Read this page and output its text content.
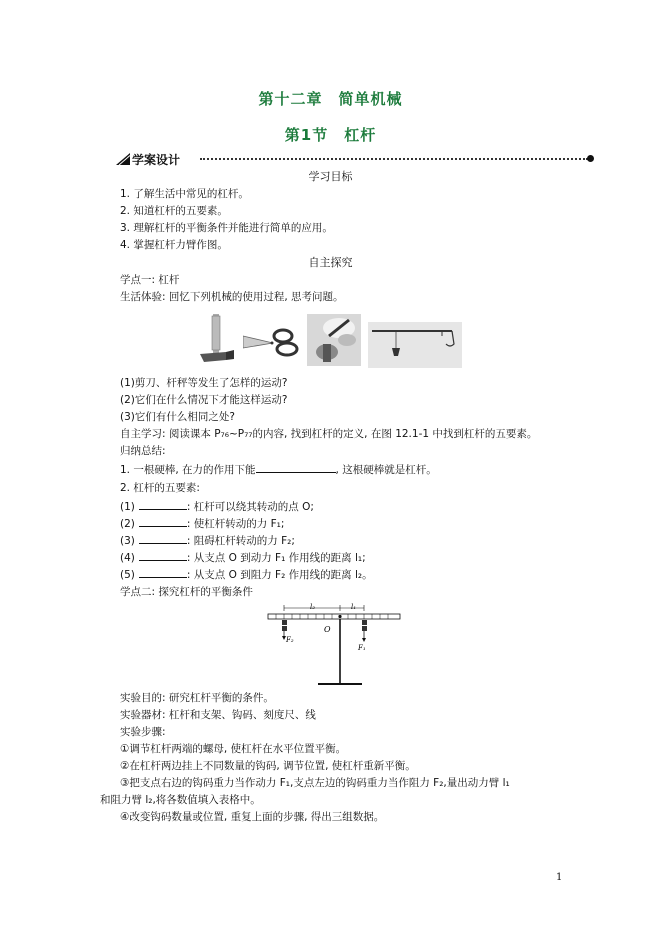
第十二章　简单机械
第1节　杠杆
学案设计
学习目标
1. 了解生活中常见的杠杆。
2. 知道杠杆的五要素。
3. 理解杠杆的平衡条件并能进行简单的应用。
4. 掌握杠杆力臂作图。
自主探究
学点一: 杠杆
生活体验: 回忆下列机械的使用过程, 思考问题。
(1)剪刀、杆秤等发生了怎样的运动?
(2)它们在什么情况下才能这样运动?
(3)它们有什么相同之处?
自主学习: 阅读课本 P₇₆~P₇₇的内容, 找到杠杆的定义, 在图 12.1-1 中找到杠杆的五要素。
归纳总结:
1. 一根硬棒, 在力的作用下能	, 这根硬棒就是杠杆。
2. 杠杆的五要素:
(1)	: 杠杆可以绕其转动的点 O;
(2)	: 使杠杆转动的力 F₁;
(3)	: 阻碍杠杆转动的力 F₂;
(4)	: 从支点 O 到动力 F₁ 作用线的距离 l₁;
(5)	: 从支点 O 到阻力 F₂ 作用线的距离 l₂。
学点二: 探究杠杆的平衡条件
l₂	l₁
O
F₂
F₁
实验目的: 研究杠杆平衡的条件。
实验器材: 杠杆和支架、钩码、刻度尺、线
实验步骤:
①调节杠杆两端的螺母, 使杠杆在水平位置平衡。
②在杠杆两边挂上不同数量的钩码, 调节位置, 使杠杆重新平衡。
③把支点右边的钩码重力当作动力 F₁,支点左边的钩码重力当作阻力 F₂,量出动力臂 l₁
和阻力臂 l₂,将各数值填入表格中。
④改变钩码数量或位置, 重复上面的步骤, 得出三组数据。
1
